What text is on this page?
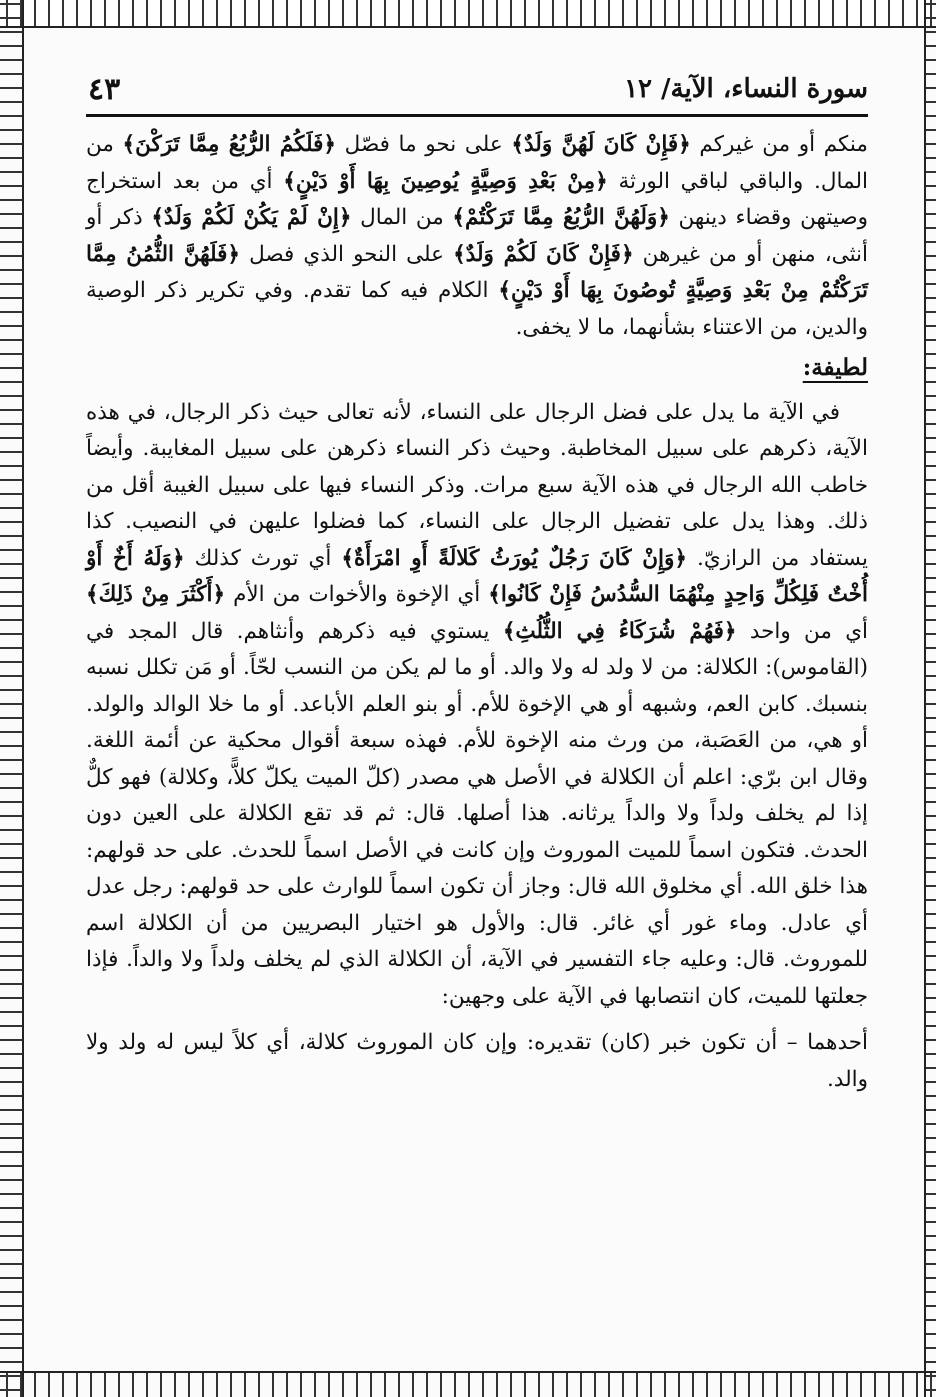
سورة النساء، الآية/ ١٢
٤٣

منكم أو من غيركم ﴿فَإِنْ كَانَ لَهُنَّ وَلَدٌ﴾ على نحو ما فصّل ﴿فَلَكُمُ الرُّبُعُ مِمَّا تَرَكْنَ﴾ من المال. والباقي لباقي الورثة ﴿مِنْ بَعْدِ وَصِيَّةٍ يُوصِينَ بِهَا أَوْ دَيْنٍ﴾ أي من بعد استخراج وصيتهن وقضاء دينهن ﴿وَلَهُنَّ الرُّبُعُ مِمَّا تَرَكْتُمْ﴾ من المال ﴿إِنْ لَمْ يَكُنْ لَكُمْ وَلَدٌ﴾ ذكر أو أنثى، منهن أو من غيرهن ﴿فَإِنْ كَانَ لَكُمْ وَلَدٌ﴾ على النحو الذي فصل ﴿فَلَهُنَّ الثُّمُنُ مِمَّا تَرَكْتُمْ مِنْ بَعْدِ وَصِيَّةٍ تُوصُونَ بِهَا أَوْ دَيْنٍ﴾ الكلام فيه كما تقدم. وفي تكرير ذكر الوصية والدين، من الاعتناء بشأنهما، ما لا يخفى.

لطيفة:

في الآية ما يدل على فضل الرجال على النساء، لأنه تعالى حيث ذكر الرجال، في هذه الآية، ذكرهم على سبيل المخاطبة. وحيث ذكر النساء ذكرهن على سبيل المغايبة. وأيضاً خاطب الله الرجال في هذه الآية سبع مرات. وذكر النساء فيها على سبيل الغيبة أقل من ذلك. وهذا يدل على تفضيل الرجال على النساء، كما فضلوا عليهن في النصيب. كذا يستفاد من الرازيّ. ﴿وَإِنْ كَانَ رَجُلٌ يُورَثُ كَلالَةً أَوِ امْرَأَةٌ﴾ أي تورث كذلك ﴿وَلَهُ أَخٌ أَوْ أُخْتٌ فَلِكُلِّ وَاحِدٍ مِنْهُمَا السُّدُسُ فَإِنْ كَانُوا﴾ أي الإخوة والأخوات من الأم ﴿أَكْثَرَ مِنْ ذَلِكَ﴾ أي من واحد ﴿فَهُمْ شُرَكَاءُ فِي الثُّلُثِ﴾ يستوي فيه ذكرهم وأنثاهم. قال المجد في (القاموس): الكلالة: من لا ولد له ولا والد. أو ما لم يكن من النسب لحّاً. أو مَن تكلل نسبه بنسبك. كابن العم، وشبهه أو هي الإخوة للأم. أو بنو العلم الأباعد. أو ما خلا الوالد والولد. أو هي، من العَصَبة، من ورث منه الإخوة للأم. فهذه سبعة أقوال محكية عن أئمة اللغة. وقال ابن برّي: اعلم أن الكلالة في الأصل هي مصدر (كلّ الميت يكلّ كلاًّ، وكلالة) فهو كلٌّ إذا لم يخلف ولداً ولا والداً يرثانه. هذا أصلها. قال: ثم قد تقع الكلالة على العين دون الحدث. فتكون اسماً للميت الموروث وإن كانت في الأصل اسماً للحدث. على حد قولهم: هذا خلق الله. أي مخلوق الله قال: وجاز أن تكون اسماً للوارث على حد قولهم: رجل عدل أي عادل. وماء غور أي غائر. قال: والأول هو اختيار البصريين من أن الكلالة اسم للموروث. قال: وعليه جاء التفسير في الآية، أن الكلالة الذي لم يخلف ولداً ولا والداً. فإذا جعلتها للميت، كان انتصابها في الآية على وجهين:

أحدهما – أن تكون خبر (كان) تقديره: وإن كان الموروث كلالة، أي كلاً ليس له ولد ولا والد.
